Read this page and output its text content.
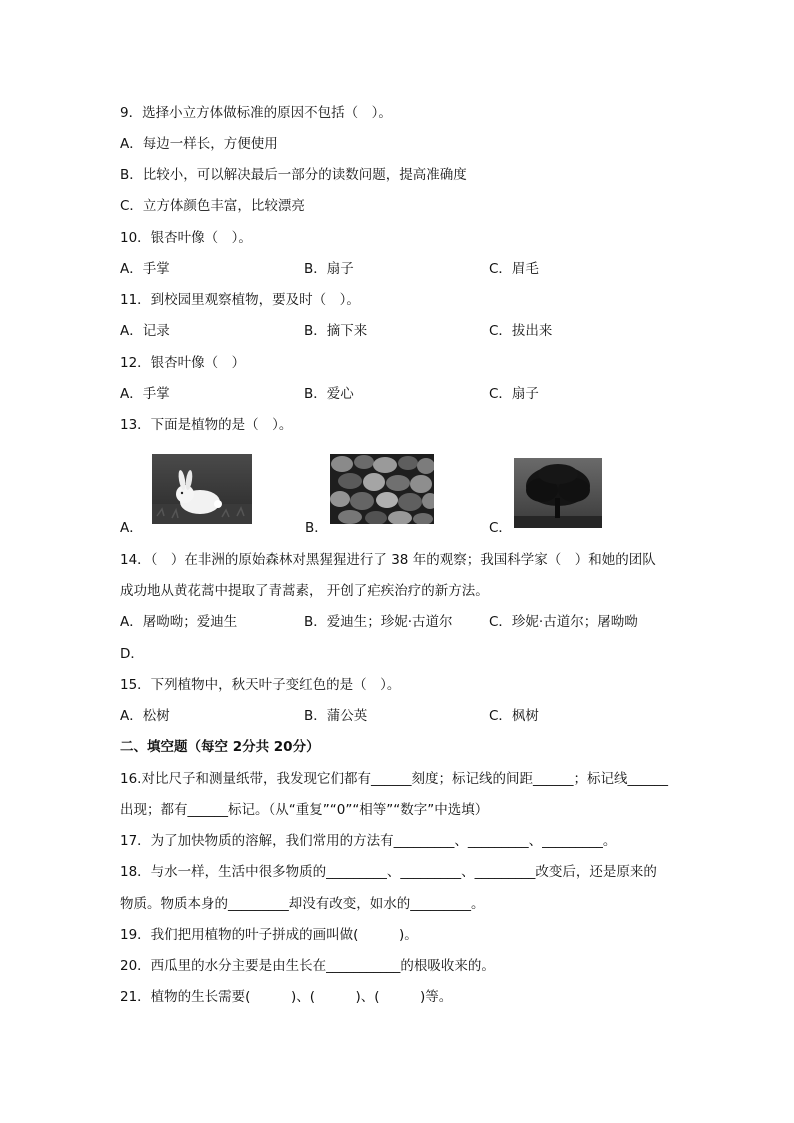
9．选择小立方体做标准的原因不包括（　）。
A．每边一样长，方便使用
B．比较小，可以解决最后一部分的读数问题，提高准确度
C．立方体颜色丰富，比较漂亮
10．银杏叶像（　）。
A．手掌	B．扇子	C．眉毛
11．到校园里观察植物，要及时（　）。
A．记录	B．摘下来	C．拔出来
12．银杏叶像（　）
A．手掌	B．爱心	C．扇子
13．下面是植物的是（　）。
A．	B．	C．
14．（　）在非洲的原始森林对黑猩猩进行了 38 年的观察；我国科学家（　）和她的团队
成功地从黄花蒿中提取了青蒿素， 开创了疟疾治疗的新方法。
A．屠呦呦；爱迪生	B．爱迪生；珍妮·古道尔	C．珍妮·古道尔；屠呦呦
D．
15．下列植物中，秋天叶子变红色的是（　）。
A．松树	B．蒲公英	C．枫树
二、填空题（每空 2分共 20分）
16.对比尺子和测量纸带，我发现它们都有______刻度；标记线的间距______；标记线______
出现；都有______标记。（从“重复”“0”“相等”“数字”中选填）
17．为了加快物质的溶解，我们常用的方法有_________、_________、_________。
18．与水一样，生活中很多物质的_________、_________、_________改变后，还是原来的
物质。物质本身的_________却没有改变，如水的_________。
19．我们把用植物的叶子拼成的画叫做(　　　)。
20．西瓜里的水分主要是由生长在___________的根吸收来的。
21．植物的生长需要(　　　)、(　　　)、(　　　)等。
